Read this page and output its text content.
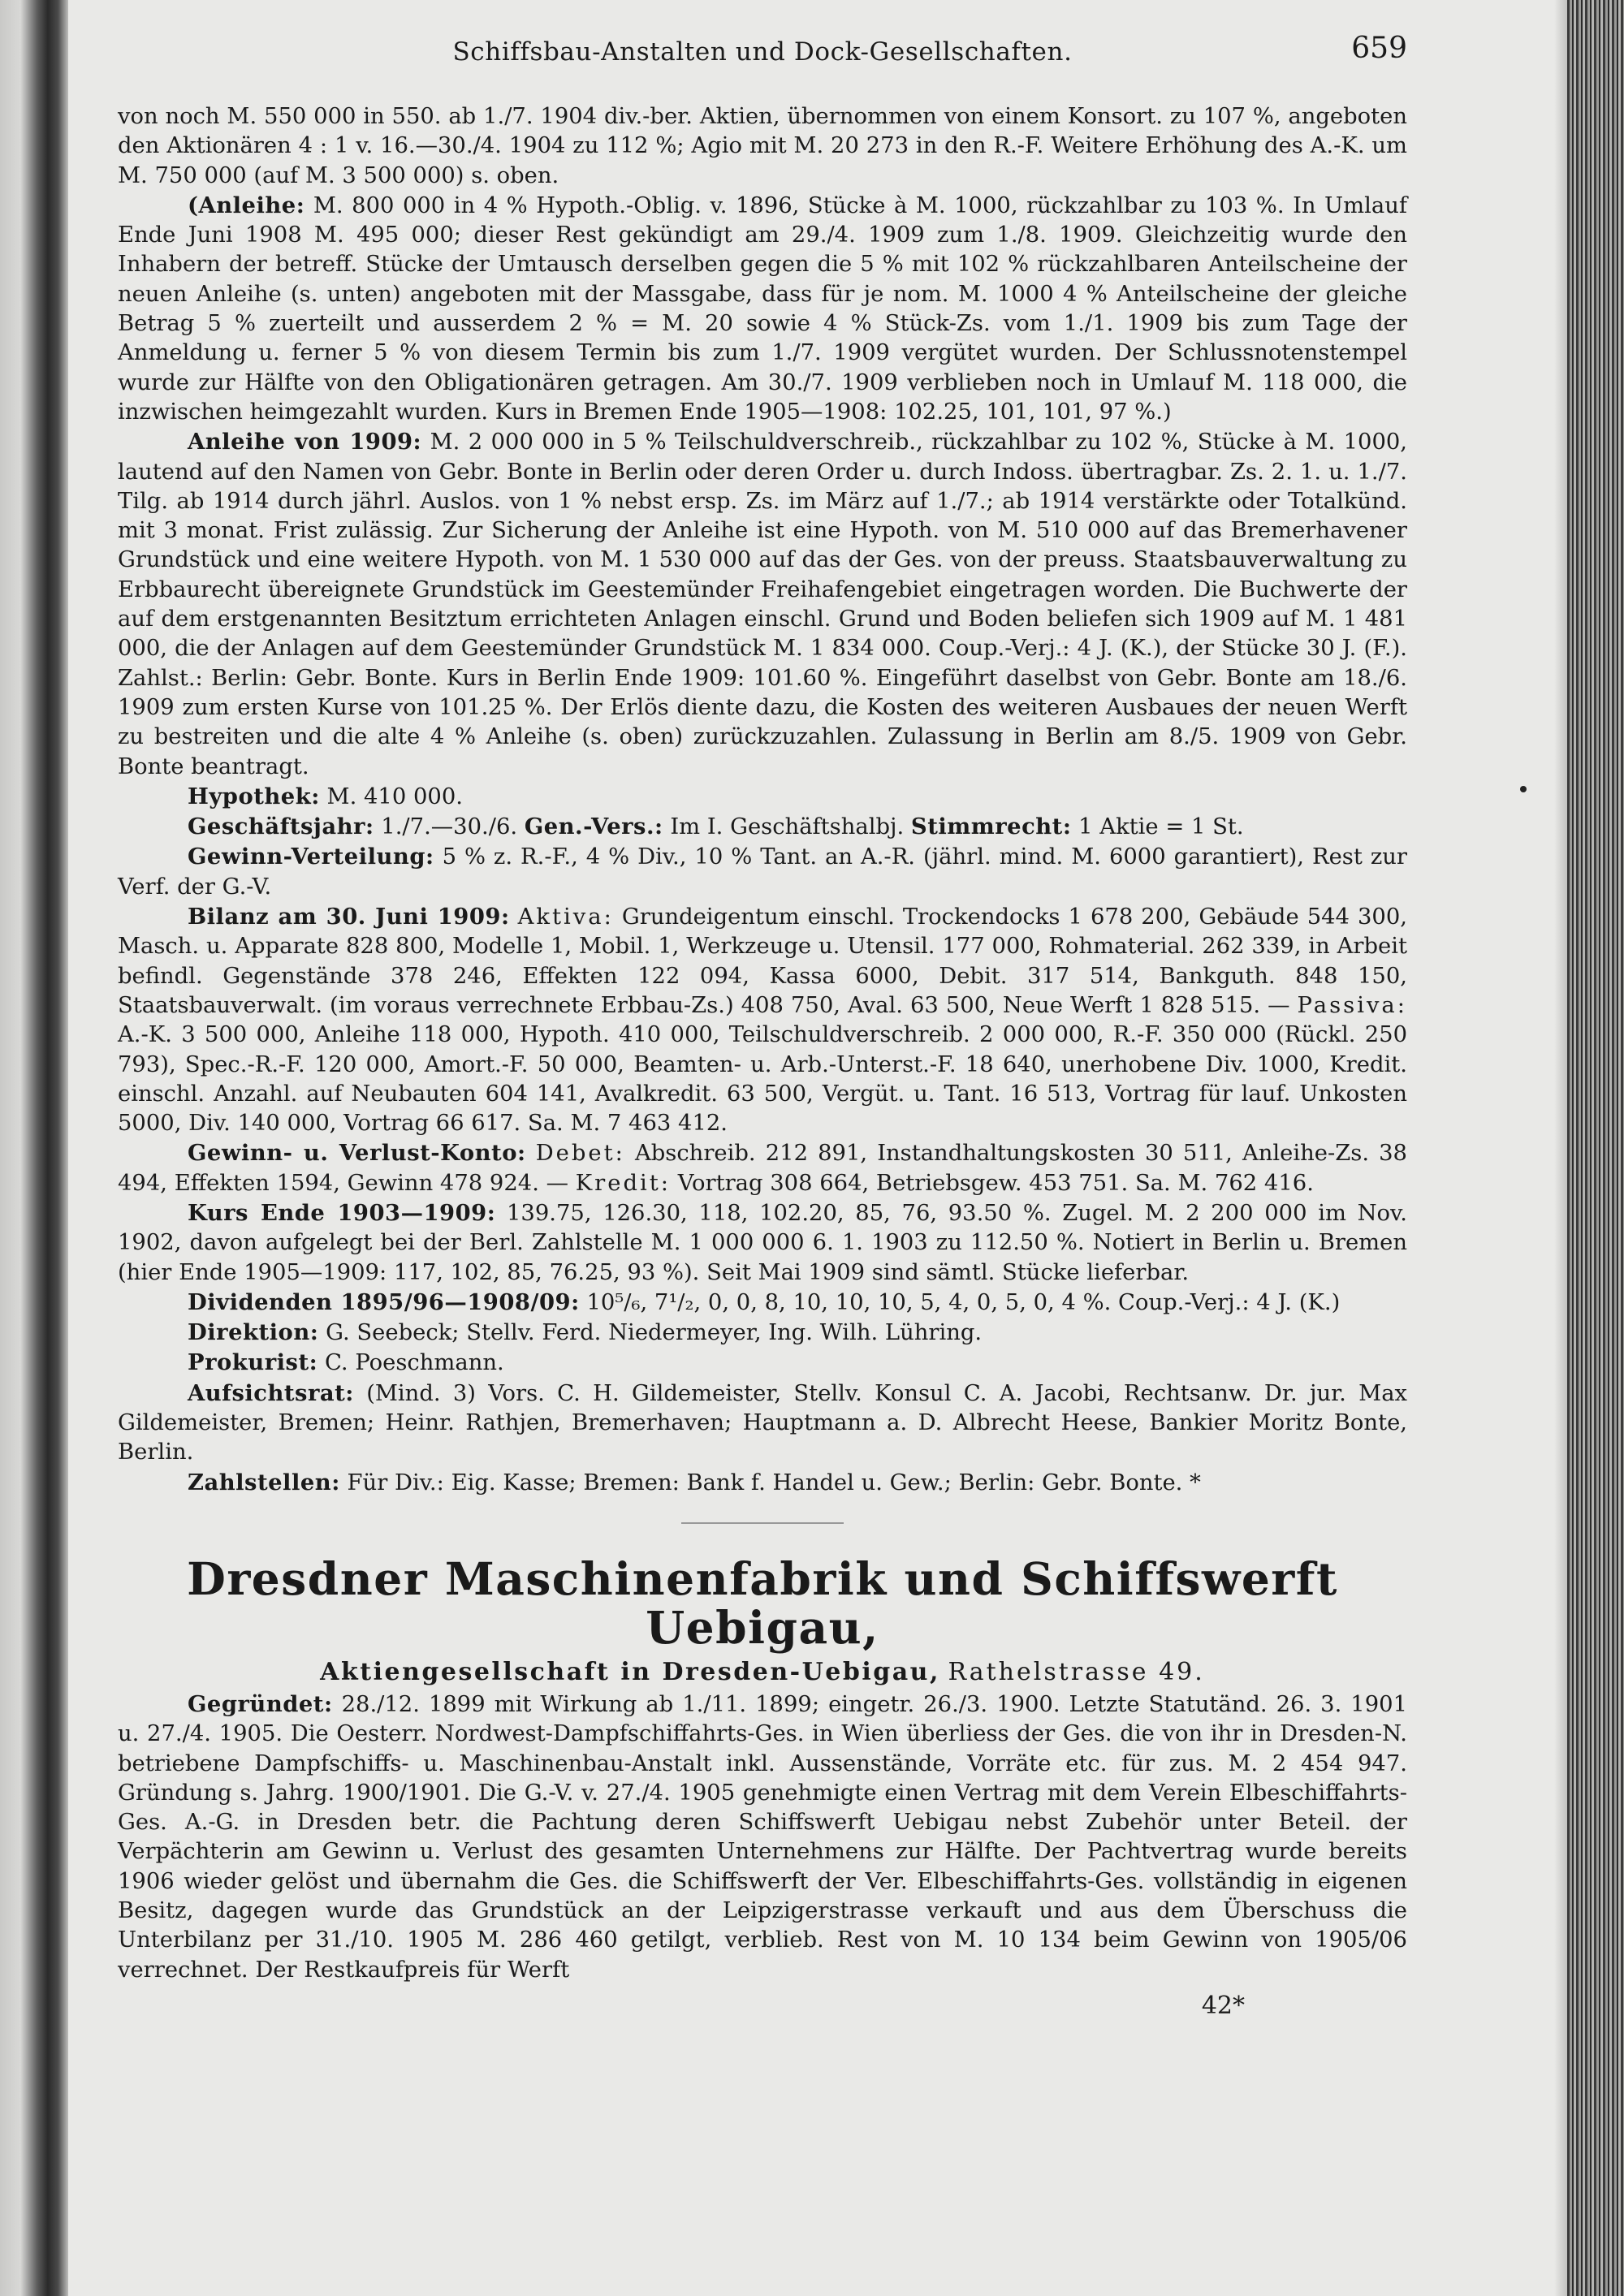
Schiffsbau-Anstalten und Dock-Gesellschaften.	659

von noch M. 550 000 in 550. ab 1./7. 1904 div.-ber. Aktien, übernommen von einem Konsort. zu 107 %, angeboten den Aktionären 4 : 1 v. 16.—30./4. 1904 zu 112 %; Agio mit M. 20 273 in den R.-F. Weitere Erhöhung des A.-K. um M. 750 000 (auf M. 3 500 000) s. oben.

(Anleihe: M. 800 000 in 4 % Hypoth.-Oblig. v. 1896, Stücke à M. 1000, rückzahlbar zu 103 %. In Umlauf Ende Juni 1908 M. 495 000; dieser Rest gekündigt am 29./4. 1909 zum 1./8. 1909. Gleichzeitig wurde den Inhabern der betreff. Stücke der Umtausch derselben gegen die 5 % mit 102 % rückzahlbaren Anteilscheine der neuen Anleihe (s. unten) angeboten mit der Massgabe, dass für je nom. M. 1000 4 % Anteilscheine der gleiche Betrag 5 % zuerteilt und ausserdem 2 % = M. 20 sowie 4 % Stück-Zs. vom 1./1. 1909 bis zum Tage der Anmeldung u. ferner 5 % von diesem Termin bis zum 1./7. 1909 vergütet wurden. Der Schlussnotenstempel wurde zur Hälfte von den Obligationären getragen. Am 30./7. 1909 verblieben noch in Umlauf M. 118 000, die inzwischen heimgezahlt wurden. Kurs in Bremen Ende 1905—1908: 102.25, 101, 101, 97 %.)

Anleihe von 1909: M. 2 000 000 in 5 % Teilschuldverschreib., rückzahlbar zu 102 %, Stücke à M. 1000, lautend auf den Namen von Gebr. Bonte in Berlin oder deren Order u. durch Indoss. übertragbar. Zs. 2. 1. u. 1./7. Tilg. ab 1914 durch jährl. Auslos. von 1 % nebst ersp. Zs. im März auf 1./7.; ab 1914 verstärkte oder Totalkünd. mit 3 monat. Frist zulässig. Zur Sicherung der Anleihe ist eine Hypoth. von M. 510 000 auf das Bremerhavener Grundstück und eine weitere Hypoth. von M. 1 530 000 auf das der Ges. von der preuss. Staatsbauverwaltung zu Erbbaurecht übereignete Grundstück im Geestemünder Freihafengebiet eingetragen worden. Die Buchwerte der auf dem erstgenannten Besitztum errichteten Anlagen einschl. Grund und Boden beliefen sich 1909 auf M. 1 481 000, die der Anlagen auf dem Geestemünder Grundstück M. 1 834 000. Coup.-Verj.: 4 J. (K.), der Stücke 30 J. (F.). Zahlst.: Berlin: Gebr. Bonte. Kurs in Berlin Ende 1909: 101.60 %. Eingeführt daselbst von Gebr. Bonte am 18./6. 1909 zum ersten Kurse von 101.25 %. Der Erlös diente dazu, die Kosten des weiteren Ausbaues der neuen Werft zu bestreiten und die alte 4 % Anleihe (s. oben) zurückzuzahlen. Zulassung in Berlin am 8./5. 1909 von Gebr. Bonte beantragt.

Hypothek: M. 410 000.

Geschäftsjahr: 1./7.—30./6. Gen.-Vers.: Im I. Geschäftshalbj. Stimmrecht: 1 Aktie = 1 St.

Gewinn-Verteilung: 5 % z. R.-F., 4 % Div., 10 % Tant. an A.-R. (jährl. mind. M. 6000 garantiert), Rest zur Verf. der G.-V.

Bilanz am 30. Juni 1909: Aktiva: Grundeigentum einschl. Trockendocks 1 678 200, Gebäude 544 300, Masch. u. Apparate 828 800, Modelle 1, Mobil. 1, Werkzeuge u. Utensil. 177 000, Rohmaterial. 262 339, in Arbeit befindl. Gegenstände 378 246, Effekten 122 094, Kassa 6000, Debit. 317 514, Bankguth. 848 150, Staatsbauverwalt. (im voraus verrechnete Erbbau-Zs.) 408 750, Aval. 63 500, Neue Werft 1 828 515. — Passiva: A.-K. 3 500 000, Anleihe 118 000, Hypoth. 410 000, Teilschuldverschreib. 2 000 000, R.-F. 350 000 (Rückl. 250 793), Spec.-R.-F. 120 000, Amort.-F. 50 000, Beamten- u. Arb.-Unterst.-F. 18 640, unerhobene Div. 1000, Kredit. einschl. Anzahl. auf Neubauten 604 141, Avalkredit. 63 500, Vergüt. u. Tant. 16 513, Vortrag für lauf. Unkosten 5000, Div. 140 000, Vortrag 66 617. Sa. M. 7 463 412.

Gewinn- u. Verlust-Konto: Debet: Abschreib. 212 891, Instandhaltungskosten 30 511, Anleihe-Zs. 38 494, Effekten 1594, Gewinn 478 924. — Kredit: Vortrag 308 664, Betriebsgew. 453 751. Sa. M. 762 416.

Kurs Ende 1903—1909: 139.75, 126.30, 118, 102.20, 85, 76, 93.50 %. Zugel. M. 2 200 000 im Nov. 1902, davon aufgelegt bei der Berl. Zahlstelle M. 1 000 000 6. 1. 1903 zu 112.50 %. Notiert in Berlin u. Bremen (hier Ende 1905—1909: 117, 102, 85, 76.25, 93 %). Seit Mai 1909 sind sämtl. Stücke lieferbar.

Dividenden 1895/96—1908/09: 10⁵/₆, 7¹/₂, 0, 0, 8, 10, 10, 10, 5, 4, 0, 5, 0, 4 %. Coup.-Verj.: 4 J. (K.)

Direktion: G. Seebeck; Stellv. Ferd. Niedermeyer, Ing. Wilh. Lühring.

Prokurist: C. Poeschmann.

Aufsichtsrat: (Mind. 3) Vors. C. H. Gildemeister, Stellv. Konsul C. A. Jacobi, Rechtsanw. Dr. jur. Max Gildemeister, Bremen; Heinr. Rathjen, Bremerhaven; Hauptmann a. D. Albrecht Heese, Bankier Moritz Bonte, Berlin.

Zahlstellen: Für Div.: Eig. Kasse; Bremen: Bank f. Handel u. Gew.; Berlin: Gebr. Bonte. *

Dresdner Maschinenfabrik und Schiffswerft Uebigau,
Aktiengesellschaft in Dresden-Uebigau, Rathelstrasse 49.

Gegründet: 28./12. 1899 mit Wirkung ab 1./11. 1899; eingetr. 26./3. 1900. Letzte Statutänd. 26. 3. 1901 u. 27./4. 1905. Die Oesterr. Nordwest-Dampfschiffahrts-Ges. in Wien überliess der Ges. die von ihr in Dresden-N. betriebene Dampfschiffs- u. Maschinenbau-Anstalt inkl. Aussenstände, Vorräte etc. für zus. M. 2 454 947. Gründung s. Jahrg. 1900/1901. Die G.-V. v. 27./4. 1905 genehmigte einen Vertrag mit dem Verein Elbeschiffahrts-Ges. A.-G. in Dresden betr. die Pachtung deren Schiffswerft Uebigau nebst Zubehör unter Beteil. der Verpächterin am Gewinn u. Verlust des gesamten Unternehmens zur Hälfte. Der Pachtvertrag wurde bereits 1906 wieder gelöst und übernahm die Ges. die Schiffswerft der Ver. Elbeschiffahrts-Ges. vollständig in eigenen Besitz, dagegen wurde das Grundstück an der Leipzigerstrasse verkauft und aus dem Überschuss die Unterbilanz per 31./10. 1905 M. 286 460 getilgt, verblieb. Rest von M. 10 134 beim Gewinn von 1905/06 verrechnet. Der Restkaufpreis für Werft

42*
